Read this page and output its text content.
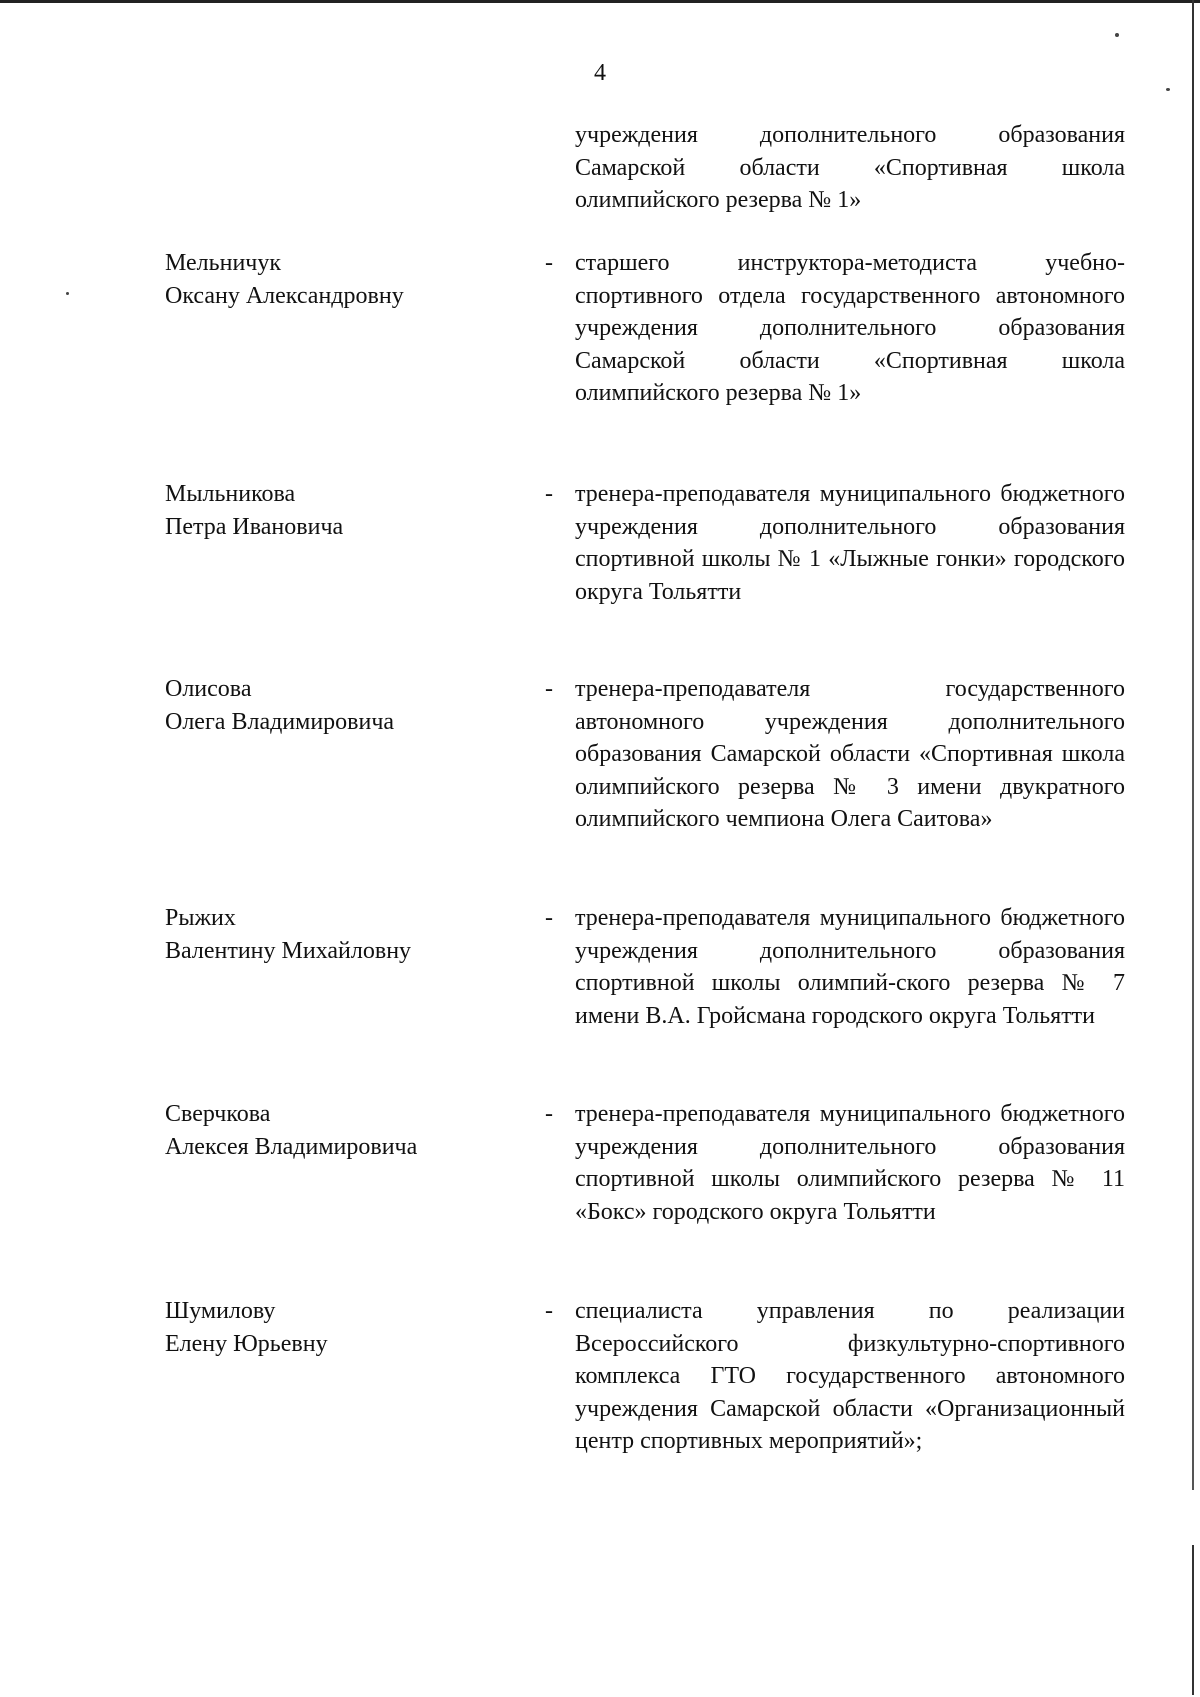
4
учреждения дополнительного образования Самарской области «Спортивная школа олимпийского резерва № 1»
Мельничук
Оксану Александровну
- старшего инструктора-методиста учебно-спортивного отдела государственного автономного учреждения дополнительного образования Самарской области «Спортивная школа олимпийского резерва № 1»
Мыльникова
Петра Ивановича
- тренера-преподавателя муниципального бюджетного учреждения дополнительного образования спортивной школы № 1 «Лыжные гонки» городского округа Тольятти
Олисова
Олега Владимировича
- тренера-преподавателя государственного автономного учреждения дополнительного образования Самарской области «Спортивная школа олимпийского резерва № 3 имени двукратного олимпийского чемпиона Олега Саитова»
Рыжих
Валентину Михайловну
- тренера-преподавателя муниципального бюджетного учреждения дополнительного образования спортивной школы олимпий-ского резерва № 7 имени В.А. Гройсмана городского округа Тольятти
Сверчкова
Алексея Владимировича
- тренера-преподавателя муниципального бюджетного учреждения дополнительного образования спортивной школы олимпийского резерва № 11 «Бокс» городского округа Тольятти
Шумилову
Елену Юрьевну
- специалиста управления по реализации Всероссийского физкультурно-спортивного комплекса ГТО государственного автономного учреждения Самарской области «Организационный центр спортивных мероприятий»;
